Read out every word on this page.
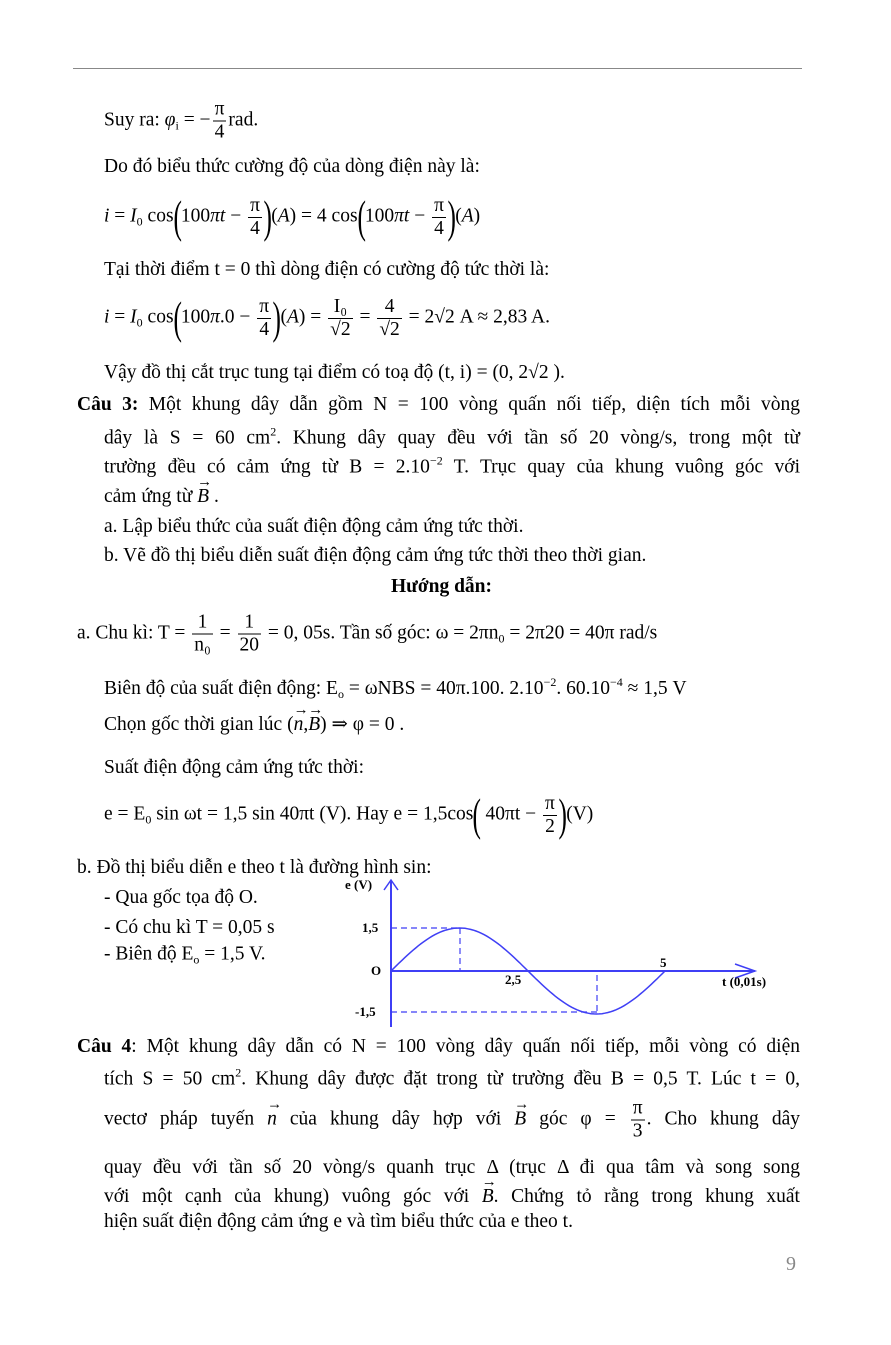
Suy ra: $\varphi_i$ = − $\frac{\pi}{4}$ rad.
Do đó biểu thức cường độ của dòng điện này là:
$i = I_0$ $\cos(100\pi t - \frac{\pi}{4} )(A) = 4$ $\cos(100\pi t - \frac{\pi}{4} )(A)$
Tại thời điểm t = 0 thì dòng điện có cường độ tức thời là:
$i = I_0$ $\cos(100\pi.0 - \frac{\pi}{4} )(A) = \frac{\text{I₀}}{√2} = \frac{4}{√2} = 2√2$ A ≈ 2,83 A.
Vậy đồ thị cắt trục tung tại điểm có toạ độ (t, i) = (0, 2√2 ).
Câu 3: Một khung dây dẫn gồm N = 100 vòng quấn nối tiếp, diện tích mỗi vòng
dây là S = 60 $cm^2$. Khung dây quay đều với tần số 20 vòng/s, trong một từ
trường đều có cảm ứng từ $B = 2.10^{-2}$ T. Trục quay của khung vuông góc với
cảm ứng từ → B .
a. Lập biểu thức của suất điện động cảm ứng tức thời.
b. Vẽ đồ thị biểu diễn suất điện động cảm ứng tức thời theo thời gian.
Hướng dẫn:
a. Chu kì: $T = \frac{1}{\text{n₀}} = \frac{1}{20} = 0$, 05s. Tần số góc: $\omega = 2\pi n_0 = 2\pi 20 = 40\pi$ rad/s
Biên độ của suất điện động: $E_o = \omega NBS = 40\pi.100$. $2.10^{-2}$. $60.10^{-4} \approx 1,5$ V
Chọn gốc thời gian lúc (→ n,→ B) ⇒ φ = 0 .
Suất điện động cảm ứng tức thời:
$e = E_0$ sin ωt = 1,5 sin 40πt (V). Hay e = 1,5cos( $40\pi t - \frac{\pi}{2} )(V)$
b. Đồ thị biểu diễn e theo t là đường hình sin:
- Qua gốc tọa độ O.
- Có chu kì T = 0,05 s
- Biên độ $E_o = 1,5$ V.
e (V)
1,5
O
-1,5
2,5
5
t (0,01s)
Câu 4: Một khung dây dẫn có N = 100 vòng dây quấn nối tiếp, mỗi vòng có diện
tích S = 50 $cm^2$. Khung dây được đặt trong từ trường đều B = 0,5 T. Lúc t = 0,
vectơ pháp tuyến → n của khung dây hợp với → B góc $\varphi = \frac{\pi}{3}$ . Cho khung dây
quay đều với tần số 20 vòng/s quanh trục Δ (trục Δ đi qua tâm và song song
với một cạnh của khung) vuông góc với → B. Chứng tỏ rằng trong khung xuất
hiện suất điện động cảm ứng e và tìm biểu thức của e theo t.
9
